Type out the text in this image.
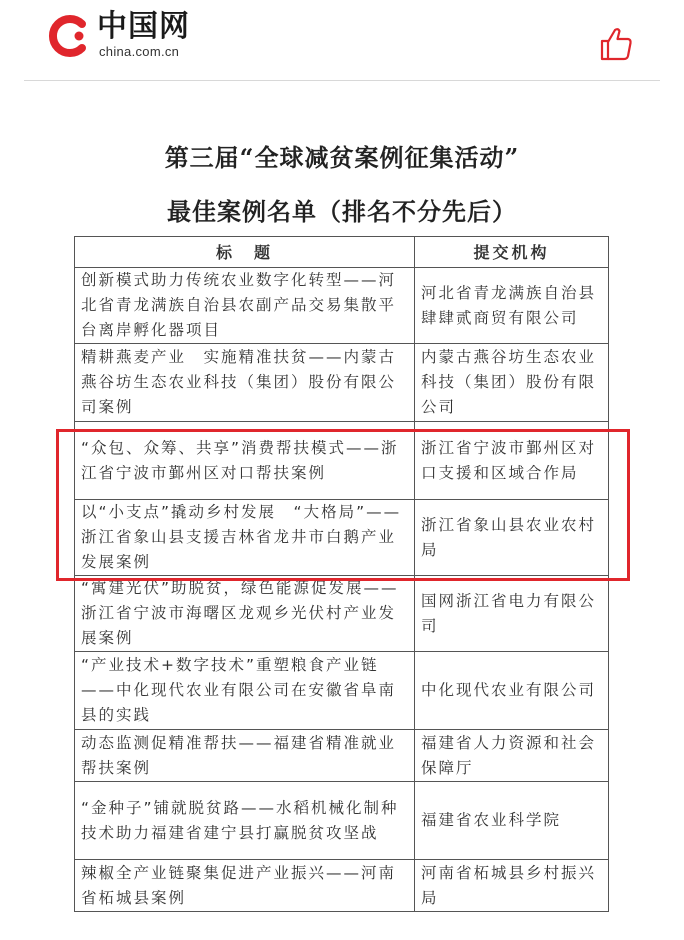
中国网
china.com.cn
第三届“全球减贫案例征集活动”
最佳案例名单（排名不分先后）
标　题	提交机构
创新模式助力传统农业数字化转型——河北省青龙满族自治县农副产品交易集散平台离岸孵化器项目	河北省青龙满族自治县肆肆贰商贸有限公司
精耕燕麦产业　实施精准扶贫——内蒙古燕谷坊生态农业科技（集团）股份有限公司案例	内蒙古燕谷坊生态农业科技（集团）股份有限公司
“众包、众筹、共享”消费帮扶模式——浙江省宁波市鄞州区对口帮扶案例	浙江省宁波市鄞州区对口支援和区域合作局
以“小支点”撬动乡村发展　“大格局”——浙江省象山县支援吉林省龙井市白鹅产业发展案例	浙江省象山县农业农村局
“寓建光伏”助脱贫，绿色能源促发展——浙江省宁波市海曙区龙观乡光伏村产业发展案例	国网浙江省电力有限公司
“产业技术+数字技术”重塑粮食产业链——中化现代农业有限公司在安徽省阜南县的实践	中化现代农业有限公司
动态监测促精准帮扶——福建省精准就业帮扶案例	福建省人力资源和社会保障厅
“金种子”铺就脱贫路——水稻机械化制种技术助力福建省建宁县打赢脱贫攻坚战	福建省农业科学院
辣椒全产业链聚集促进产业振兴——河南省柘城县案例	河南省柘城县乡村振兴局
